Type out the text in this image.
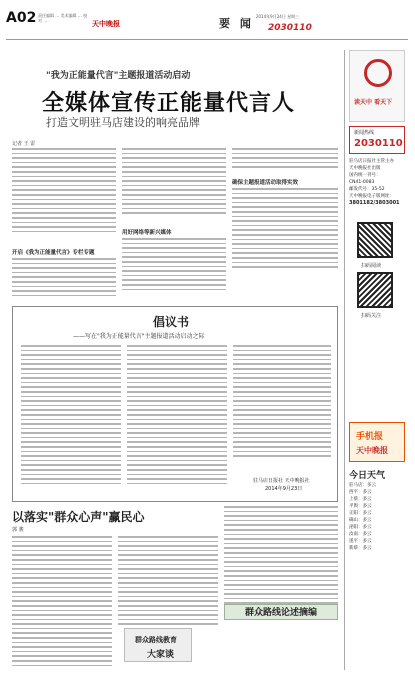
A02 责任编辑 … 美术编辑 … 校对 …	天中晚报	要 闻
2014年9月24日 星期三
2030110
"我为正能量代言"主题报道活动启动
全媒体宣传正能量代言人
打造文明驻马店建设的响亮品牌
记者 王 雷
开启《我为正能量代言》专栏专题
用好网络等新兴媒体
确保主题报道活动取得实效
倡议书
——写在"我为正能量代言"主题报道活动启动之际
驻马店日报社 天中晚报社
2014年9月23日
以落实"群众心声"赢民心
郭 骏
群众路线教育
大家谈
群众路线论述摘编
读天中 看天下
新闻热线
2030110
驻马店日报社主管主办
天中晚报社出版
国内统一刊号：
CN41-0083
邮发代号：35-52
天中晚报电子版网址：
3801182/3803001
扫码阅读
扫码关注
手机报
天中晚报
今日天气
驻马店：多云
西平：多云
上蔡：多云
平舆：多云
正阳：多云
确山：多云
泌阳：多云
汝南：多云
遂平：多云
新蔡：多云
